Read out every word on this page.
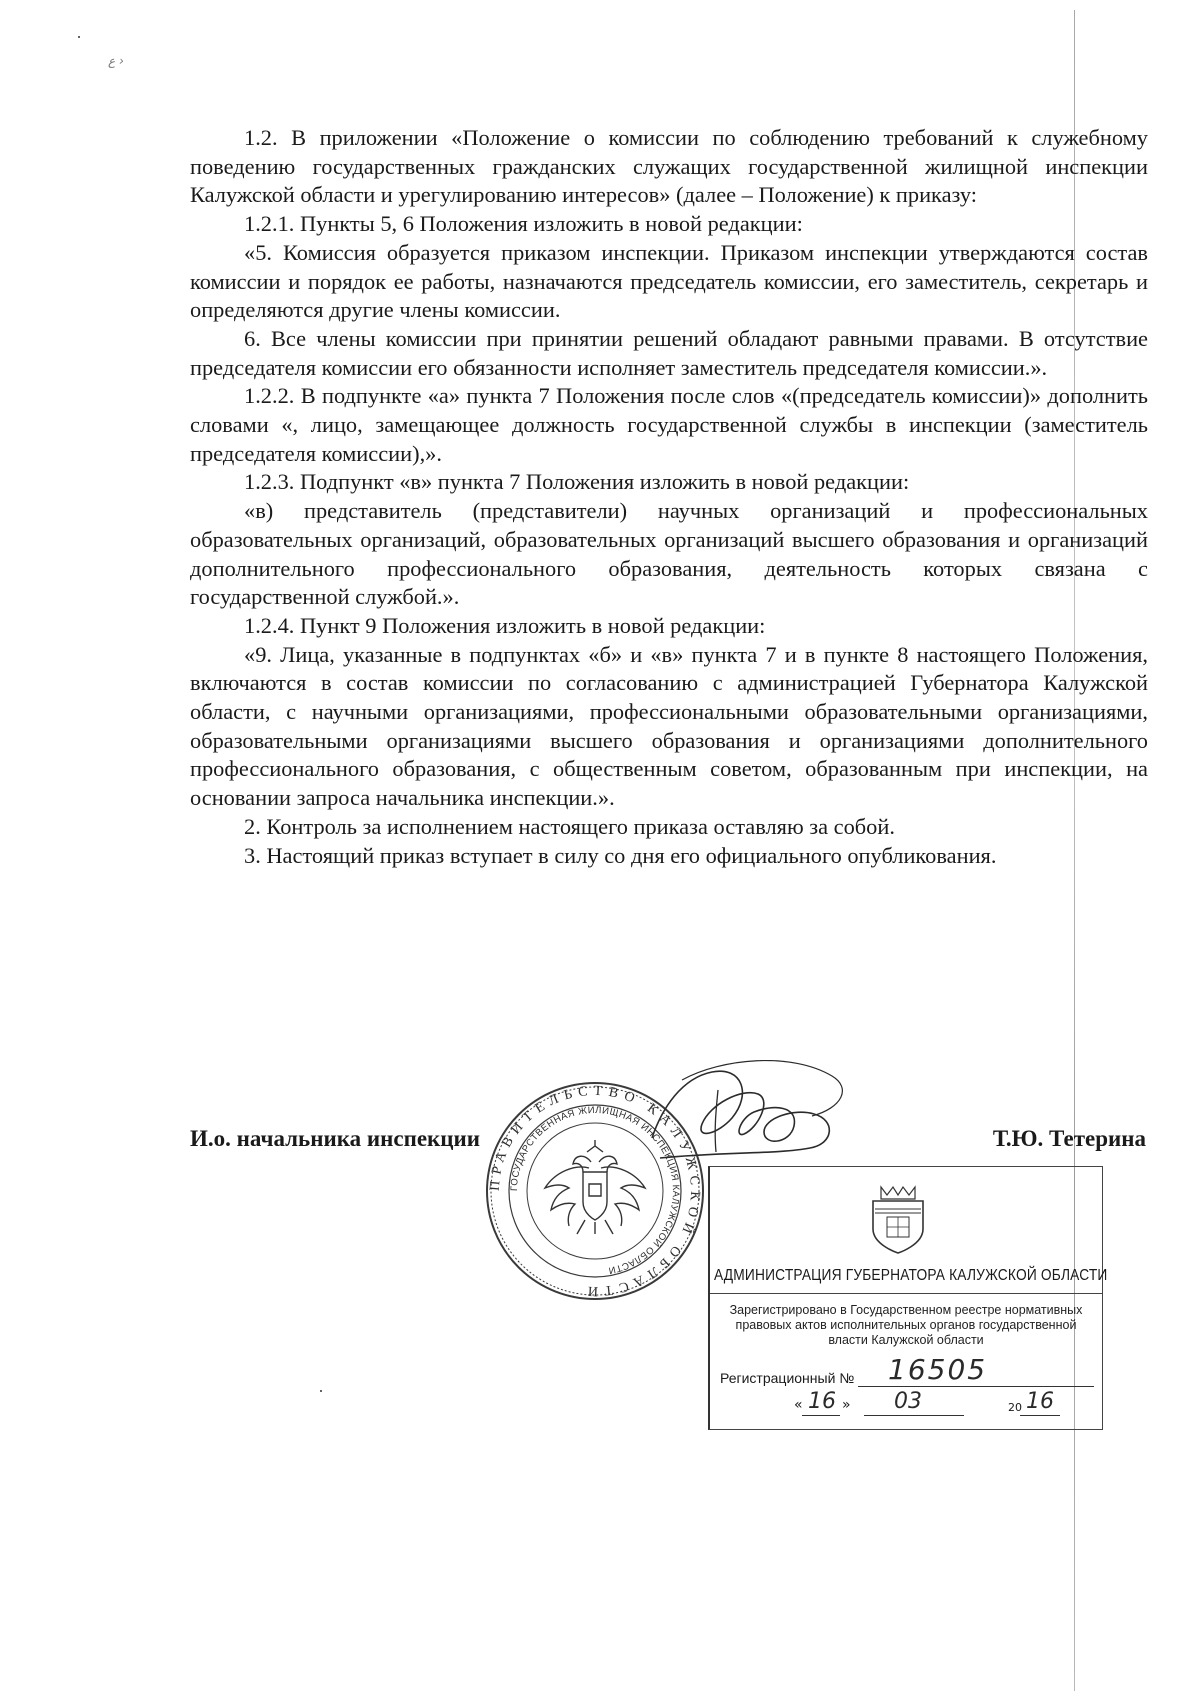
ع ›

1.2. В приложении «Положение о комиссии по соблюдению требований к служебному поведению государственных гражданских служащих государственной жилищной инспекции Калужской области и урегулированию интересов» (далее – Положение) к приказу:

1.2.1. Пункты 5, 6 Положения изложить в новой редакции:

«5. Комиссия образуется приказом инспекции. Приказом инспекции утверждаются состав комиссии и порядок ее работы, назначаются председатель комиссии, его заместитель, секретарь и определяются другие члены комиссии.

6. Все члены комиссии при принятии решений обладают равными правами. В отсутствие председателя комиссии его обязанности исполняет заместитель председателя комиссии.».

1.2.2. В подпункте «а» пункта 7 Положения после слов «(председатель комиссии)» дополнить словами «, лицо, замещающее должность государственной службы в инспекции (заместитель председателя комиссии),».

1.2.3. Подпункт «в» пункта 7 Положения изложить в новой редакции:

«в) представитель (представители) научных организаций и профессиональных образовательных организаций, образовательных организаций высшего образования и организаций дополнительного профессионального образования, деятельность которых связана с государственной службой.».

1.2.4. Пункт 9 Положения изложить в новой редакции:

«9. Лица, указанные в подпунктах «б» и «в» пункта 7 и в пункте 8 настоящего Положения, включаются в состав комиссии по согласованию с администрацией Губернатора Калужской области, с научными организациями, профессиональными образовательными организациями, образовательными организациями высшего образования и организациями дополнительного профессионального образования, с общественным советом, образованным при инспекции, на основании запроса начальника инспекции.».

2. Контроль за исполнением настоящего приказа оставляю за собой.

3. Настоящий приказ вступает в силу со дня его официального опубликования.

И.о. начальника инспекции	Т.Ю. Тетерина
ПРАВИТЕЛЬСТВО КАЛУЖСКОЙ ОБЛАСТИ
ГОСУДАРСТВЕННАЯ ЖИЛИЩНАЯ ИНСПЕКЦИЯ КАЛУЖСКОЙ ОБЛАСТИ	АДМИНИСТРАЦИЯ ГУБЕРНАТОРА КАЛУЖСКОЙ ОБЛАСТИ
Зарегистрировано в Государственном реестре нормативных правовых актов исполнительных органов государственной власти Калужской области
Регистрационный № 16505
« 16 » 03	20 16
